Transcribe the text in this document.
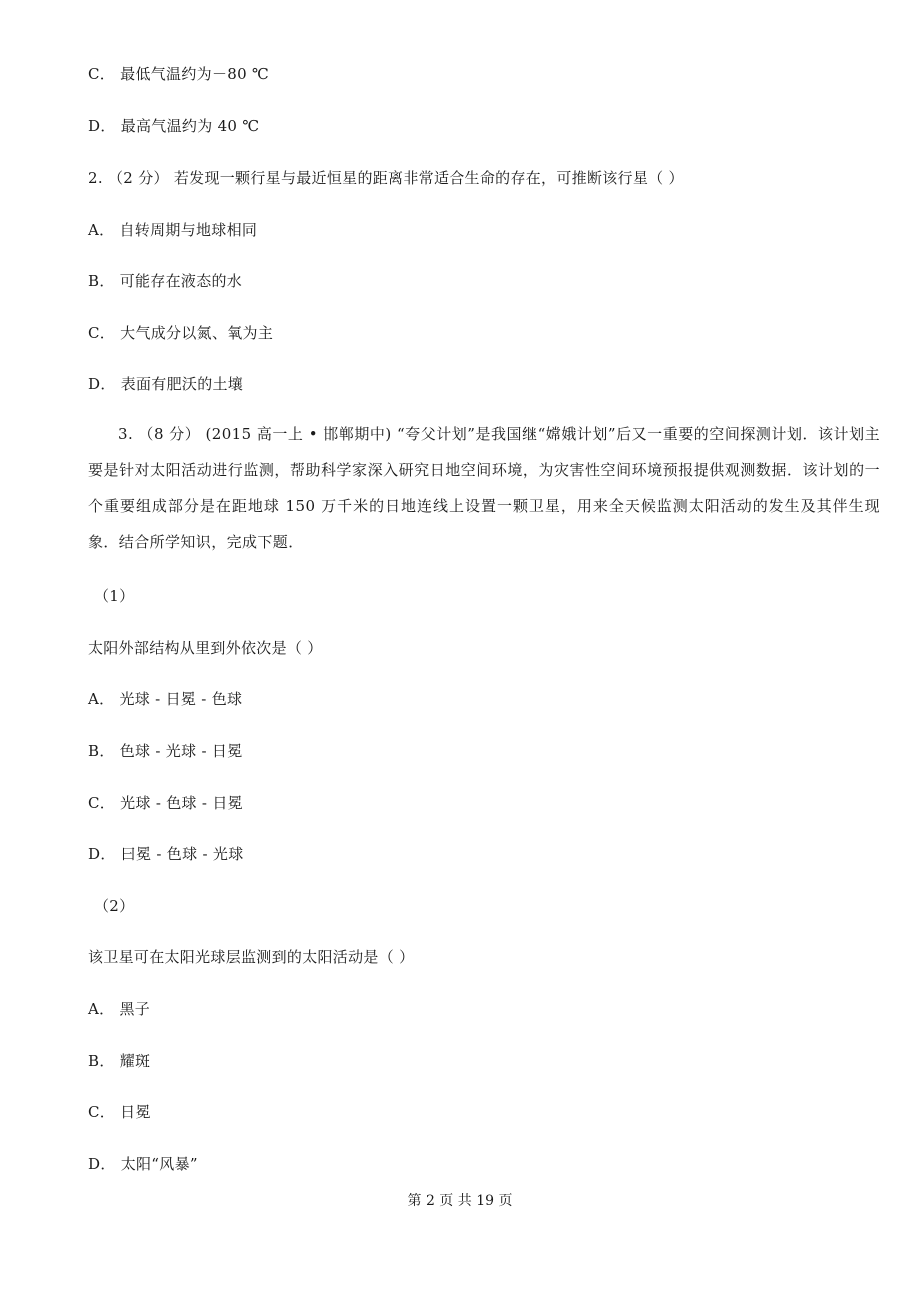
C． 最低气温约为－80 ℃
D． 最高气温约为 40 ℃
2. （2 分） 若发现一颗行星与最近恒星的距离非常适合生命的存在，可推断该行星（ ）
A． 自转周期与地球相同
B． 可能存在液态的水
C． 大气成分以氮、氧为主
D． 表面有肥沃的土壤
3. （8 分） (2015 高一上 • 邯郸期中) “夸父计划”是我国继“嫦娥计划”后又一重要的空间探测计划．该计划主要是针对太阳活动进行监测，帮助科学家深入研究日地空间环境，为灾害性空间环境预报提供观测数据．该计划的一个重要组成部分是在距地球 150 万千米的日地连线上设置一颗卫星，用来全天候监测太阳活动的发生及其伴生现象．结合所学知识，完成下题．
（1）
太阳外部结构从里到外依次是（ ）
A． 光球 - 日冕 - 色球
B． 色球 - 光球 - 日冕
C． 光球 - 色球 - 日冕
D． 曰冕 - 色球 - 光球
（2）
该卫星可在太阳光球层监测到的太阳活动是（ ）
A． 黑子
B． 耀斑
C． 日冕
D． 太阳“风暴”
第 2 页 共 19 页
